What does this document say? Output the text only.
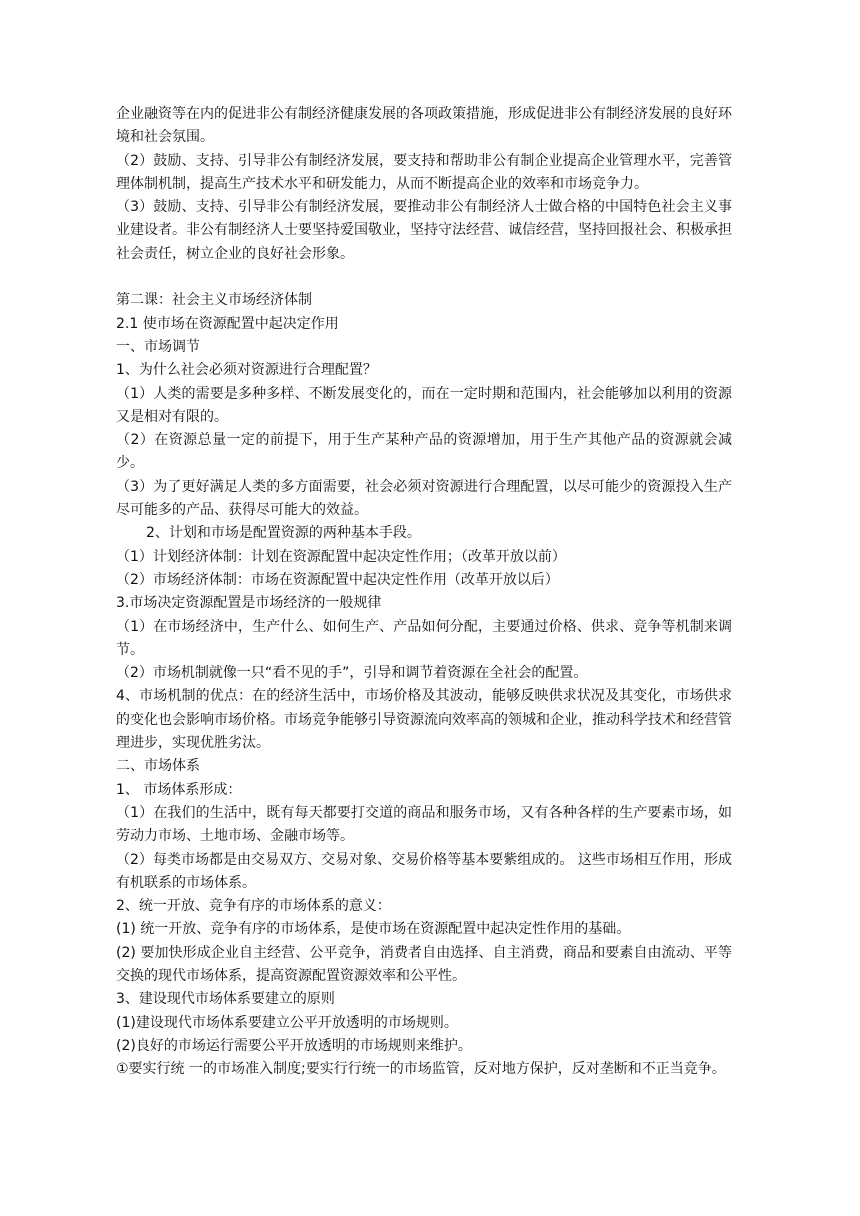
企业融资等在内的促进非公有制经济健康发展的各项政策措施，形成促进非公有制经济发展的良好环境和社会氛围。
（2）鼓励、支持、引导非公有制经济发展，要支持和帮助非公有制企业提高企业管理水平，完善管理体制机制，提高生产技术水平和研发能力，从而不断提高企业的效率和市场竞争力。
（3）鼓励、支持、引导非公有制经济发展，要推动非公有制经济人士做合格的中国特色社会主义事业建设者。非公有制经济人士要坚持爱国敬业，坚持守法经营、诚信经营，坚持回报社会、积极承担社会责任，树立企业的良好社会形象。
第二课：社会主义市场经济体制
2.1 使市场在资源配置中起决定作用
一、市场调节
1、为什么社会必须对资源进行合理配置？
（1）人类的需要是多种多样、不断发展变化的，而在一定时期和范围内，社会能够加以利用的资源又是相对有限的。
（2）在资源总量一定的前提下，用于生产某种产品的资源增加，用于生产其他产品的资源就会减少。
（3）为了更好满足人类的多方面需要，社会必须对资源进行合理配置，以尽可能少的资源投入生产尽可能多的产品、获得尽可能大的效益。
2、计划和市场是配置资源的两种基本手段。
（1）计划经济体制：计划在资源配置中起决定性作用；（改革开放以前）
（2）市场经济体制：市场在资源配置中起决定性作用（改革开放以后）
3.市场决定资源配置是市场经济的一般规律
（1）在市场经济中，生产什么、如何生产、产品如何分配，主要通过价格、供求、竞争等机制来调节。
（2）市场机制就像一只“看不见的手”，引导和调节着资源在全社会的配置。
4、市场机制的优点：在的经济生活中，市场价格及其波动，能够反映供求状况及其变化，市场供求的变化也会影响市场价格。市场竞争能够引导资源流向效率高的领城和企业，推动科学技术和经营管理进步，实现优胜劣汰。
二、市场体系
1、 市场体系形成：
（1）在我们的生活中，既有每天都要打交道的商品和服务市场，又有各种各样的生产要素市场，如劳动力市场、土地市场、金融市场等。
（2）每类市场都是由交易双方、交易对象、交易价格等基本要紫组成的。 这些市场相互作用，形成有机联系的市场体系。
2、统一开放、竞争有序的市场体系的意义：
(1) 统一开放、竞争有序的市场体系，是使市场在资源配置中起决定性作用的基础。
(2) 要加快形成企业自主经营、公平竞争，消费者自由选择、自主消费，商品和要素自由流动、平等交换的现代市场体系，提高资源配置资源效率和公平性。
3、建设现代市场体系要建立的原则
(1)建设现代市场体系要建立公平开放透明的市场规则。
(2)良好的市场运行需要公平开放透明的市场规则来维护。
①要实行统 一的市场准入制度;要实行行统一的市场监管，反对地方保护，反对垄断和不正当竞争。
